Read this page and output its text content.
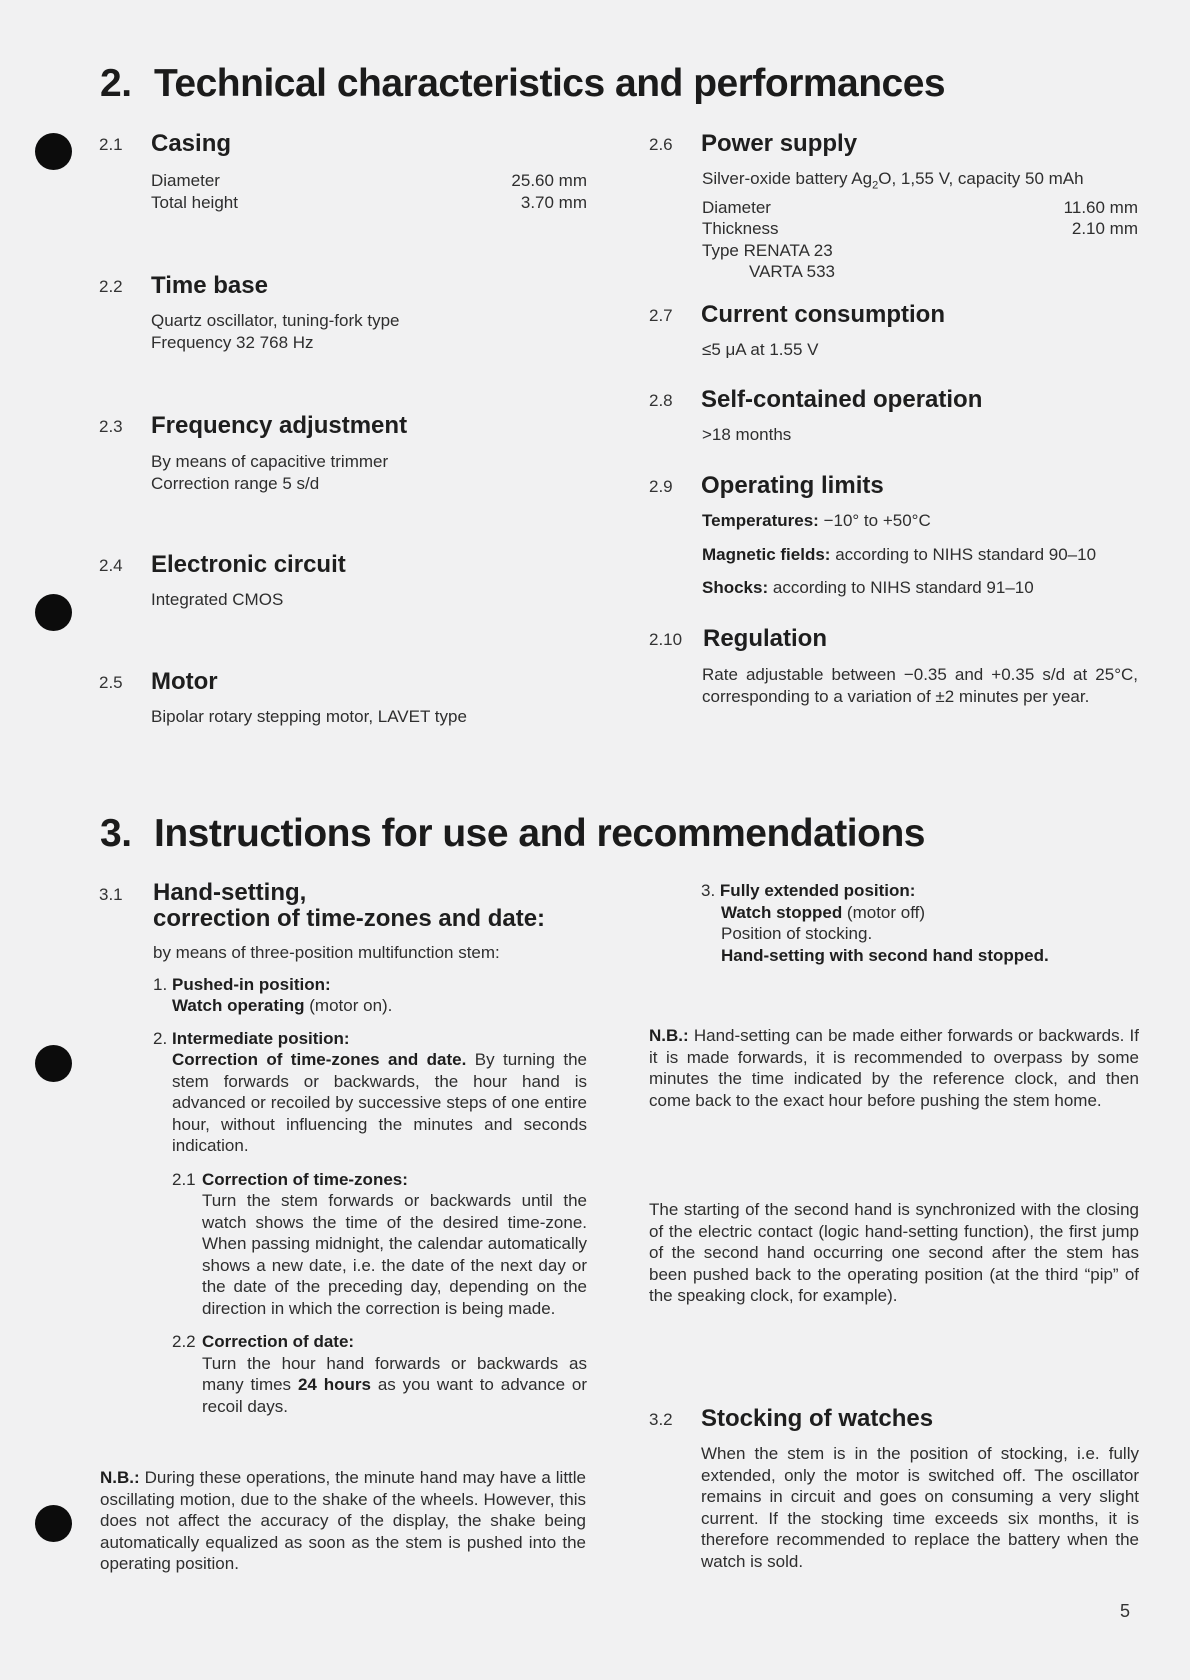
2. Technical characteristics and performances
2.1 Casing
Diameter	25.60 mm
Total height	3.70 mm
2.2 Time base
Quartz oscillator, tuning-fork type
Frequency 32 768 Hz
2.3 Frequency adjustment
By means of capacitive trimmer
Correction range 5 s/d
2.4 Electronic circuit
Integrated CMOS
2.5 Motor
Bipolar rotary stepping motor, LAVET type
2.6 Power supply
Silver-oxide battery $Ag_2O$, 1,55 V, capacity 50 mAh
Diameter	11.60 mm
Thickness	2.10 mm
Type RENATA 23
VARTA 533
2.7 Current consumption
≤5 μA at 1.55 V
2.8 Self-contained operation
>18 months
2.9 Operating limits
Temperatures: −10° to +50°C
Magnetic fields: according to NIHS standard 90–10
Shocks: according to NIHS standard 91–10
2.10 Regulation
Rate adjustable between −0.35 and +0.35 s/d at 25°C, corresponding to a variation of ±2 minutes per year.
3. Instructions for use and recommendations
3.1 Hand-setting,
correction of time-zones and date:
by means of three-position multifunction stem:
1. Pushed-in position:
Watch operating (motor on).
2. Intermediate position:
Correction of time-zones and date. By turning the stem forwards or backwards, the hour hand is advanced or recoiled by successive steps of one entire hour, without influencing the minutes and seconds indication.
2.1 Correction of time-zones:
Turn the stem forwards or backwards until the watch shows the time of the desired time-zone. When passing midnight, the calendar automatically shows a new date, i.e. the date of the next day or the date of the preceding day, depending on the direction in which the correction is being made.
2.2 Correction of date:
Turn the hour hand forwards or backwards as many times 24 hours as you want to advance or recoil days.
N.B.: During these operations, the minute hand may have a little oscillating motion, due to the shake of the wheels. However, this does not affect the accuracy of the display, the shake being automatically equalized as soon as the stem is pushed into the operating position.
3. Fully extended position:
Watch stopped (motor off)
Position of stocking.
Hand-setting with second hand stopped.
N.B.: Hand-setting can be made either forwards or backwards. If it is made forwards, it is recommended to overpass by some minutes the time indicated by the reference clock, and then come back to the exact hour before pushing the stem home.
The starting of the second hand is synchronized with the closing of the electric contact (logic hand-setting function), the first jump of the second hand occurring one second after the stem has been pushed back to the operating position (at the third “pip” of the speaking clock, for example).
3.2 Stocking of watches
When the stem is in the position of stocking, i.e. fully extended, only the motor is switched off. The oscillator remains in circuit and goes on consuming a very slight current. If the stocking time exceeds six months, it is therefore recommended to replace the battery when the watch is sold.
5
